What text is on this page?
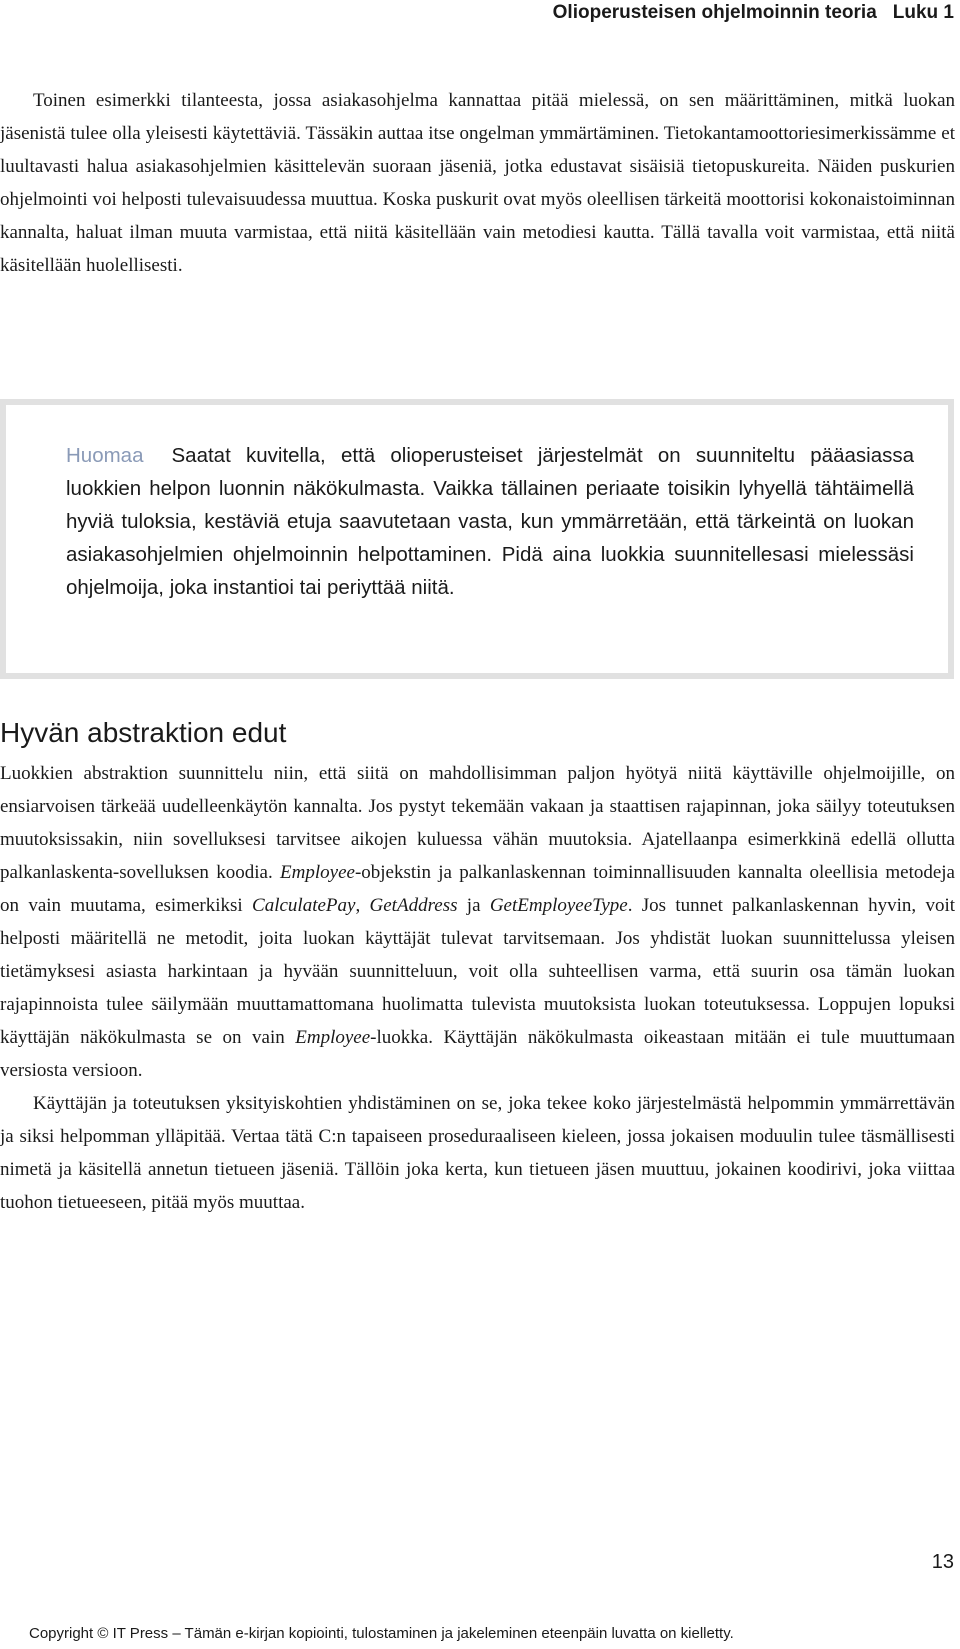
Olioperusteisen ohjelmoinnin teoria Luku 1

Toinen esimerkki tilanteesta, jossa asiakasohjelma kannattaa pitää mielessä, on sen määrittäminen, mitkä luokan jäsenistä tulee olla yleisesti käytettäviä. Tässäkin auttaa itse ongelman ymmärtäminen. Tietokantamoottoriesimerkissämme et luultavasti halua asiakasohjelmien käsittelevän suoraan jäseniä, jotka edustavat sisäisiä tietopuskureita. Näiden puskurien ohjelmointi voi helposti tulevaisuudessa muuttua. Koska puskurit ovat myös oleellisen tärkeitä moottorisi kokonaistoiminnan kannalta, haluat ilman muuta varmistaa, että niitä käsitellään vain metodiesi kautta. Tällä tavalla voit varmistaa, että niitä käsitellään huolellisesti.

Huomaa Saatat kuvitella, että olioperusteiset järjestelmät on suunniteltu pääasiassa luokkien helpon luonnin näkökulmasta. Vaikka tällainen periaate toisikin lyhyellä tähtäimellä hyviä tuloksia, kestäviä etuja saavutetaan vasta, kun ymmärretään, että tärkeintä on luokan asiakasohjelmien ohjelmoinnin helpottaminen. Pidä aina luokkia suunnitellesasi mielessäsi ohjelmoija, joka instantioi tai periyttää niitä.

Hyvän abstraktion edut

Luokkien abstraktion suunnittelu niin, että siitä on mahdollisimman paljon hyötyä niitä käyttäville ohjelmoijille, on ensiarvoisen tärkeää uudelleenkäytön kannalta. Jos pystyt tekemään vakaan ja staattisen rajapinnan, joka säilyy toteutuksen muutoksissakin, niin sovelluksesi tarvitsee aikojen kuluessa vähän muutoksia. Ajatellaanpa esimerkkinä edellä ollutta palkanlaskenta-sovelluksen koodia. Employee-objekstin ja palkanlaskennan toiminnallisuuden kannalta oleellisia metodeja on vain muutama, esimerkiksi CalculatePay, GetAddress ja GetEmployeeType. Jos tunnet palkanlaskennan hyvin, voit helposti määritellä ne metodit, joita luokan käyttäjät tulevat tarvitsemaan. Jos yhdistät luokan suunnittelussa yleisen tietämyksesi asiasta harkintaan ja hyvään suunnitteluun, voit olla suhteellisen varma, että suurin osa tämän luokan rajapinnoista tulee säilymään muuttamattomana huolimatta tulevista muutoksista luokan toteutuksessa. Loppujen lopuksi käyttäjän näkökulmasta se on vain Employee-luokka. Käyttäjän näkökulmasta oikeastaan mitään ei tule muuttumaan versiosta versioon.

Käyttäjän ja toteutuksen yksityiskohtien yhdistäminen on se, joka tekee koko järjestelmästä helpommin ymmärrettävän ja siksi helpomman ylläpitää. Vertaa tätä C:n tapaiseen proseduraaliseen kieleen, jossa jokaisen moduulin tulee täsmällisesti nimetä ja käsitellä annetun tietueen jäseniä. Tällöin joka kerta, kun tietueen jäsen muuttuu, jokainen koodirivi, joka viittaa tuohon tietueeseen, pitää myös muuttaa.

13
Copyright © IT Press – Tämän e-kirjan kopiointi, tulostaminen ja jakeleminen eteenpäin luvatta on kielletty.
